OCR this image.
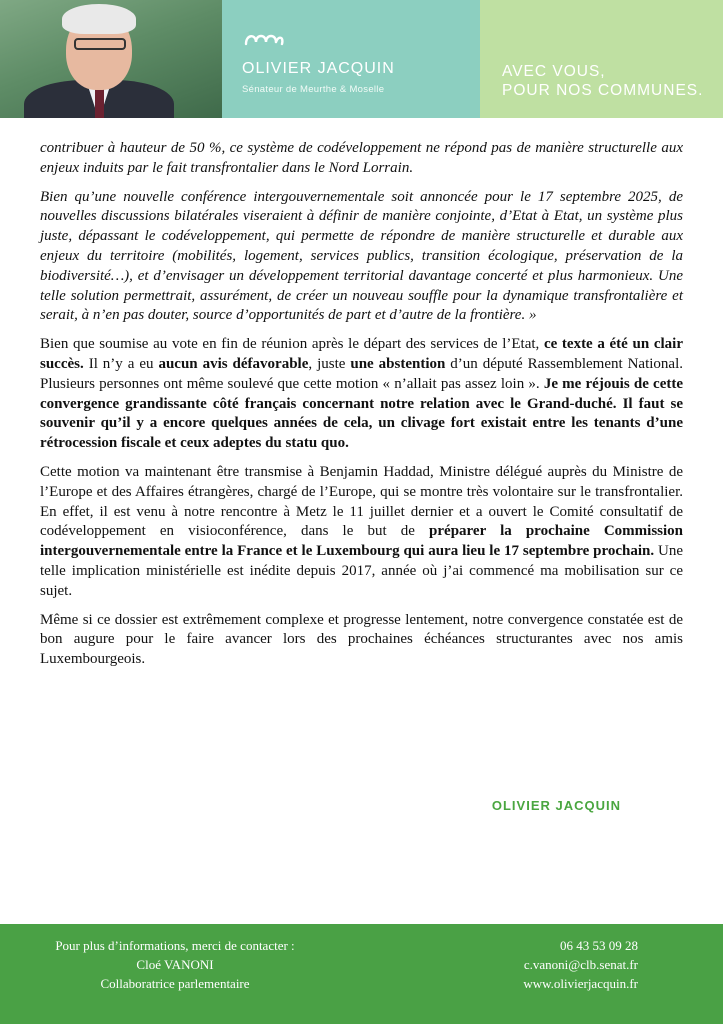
OLIVIER JACQUIN
Sénateur de Meurthe & Moselle
AVEC VOUS,
POUR NOS COMMUNES.

contribuer à hauteur de 50 %, ce système de codéveloppement ne répond pas de manière structurelle aux enjeux induits par le fait transfrontalier dans le Nord Lorrain.

Bien qu’une nouvelle conférence intergouvernementale soit annoncée pour le 17 septembre 2025, de nouvelles discussions bilatérales viseraient à définir de manière conjointe, d’Etat à Etat, un système plus juste, dépassant le codéveloppement, qui permette de répondre de manière structurelle et durable aux enjeux du territoire (mobilités, logement, services publics, transition écologique, préservation de la biodiversité…), et d’envisager un développement territorial davantage concerté et plus harmonieux. Une telle solution permettrait, assurément, de créer un nouveau souffle pour la dynamique transfrontalière et serait, à n’en pas douter, source d’opportunités de part et d’autre de la frontière. »

Bien que soumise au vote en fin de réunion après le départ des services de l’Etat, ce texte a été un clair succès. Il n’y a eu aucun avis défavorable, juste une abstention d’un député Rassemblement National. Plusieurs personnes ont même soulevé que cette motion « n’allait pas assez loin ». Je me réjouis de cette convergence grandissante côté français concernant notre relation avec le Grand-duché. Il faut se souvenir qu’il y a encore quelques années de cela, un clivage fort existait entre les tenants d’une rétrocession fiscale et ceux adeptes du statu quo.

Cette motion va maintenant être transmise à Benjamin Haddad, Ministre délégué auprès du Ministre de l’Europe et des Affaires étrangères, chargé de l’Europe, qui se montre très volontaire sur le transfrontalier. En effet, il est venu à notre rencontre à Metz le 11 juillet dernier et a ouvert le Comité consultatif de codéveloppement en visioconférence, dans le but de préparer la prochaine Commission intergouvernementale entre la France et le Luxembourg qui aura lieu le 17 septembre prochain. Une telle implication ministérielle est inédite depuis 2017, année où j’ai commencé ma mobilisation sur ce sujet.

Même si ce dossier est extrêmement complexe et progresse lentement, notre convergence constatée est de bon augure pour le faire avancer lors des prochaines échéances structurantes avec nos amis Luxembourgeois.

OLIVIER JACQUIN
Pour plus d’informations, merci de contacter :
Cloé VANONI
Collaboratrice parlementaire
06 43 53 09 28
c.vanoni@clb.senat.fr
www.olivierjacquin.fr
